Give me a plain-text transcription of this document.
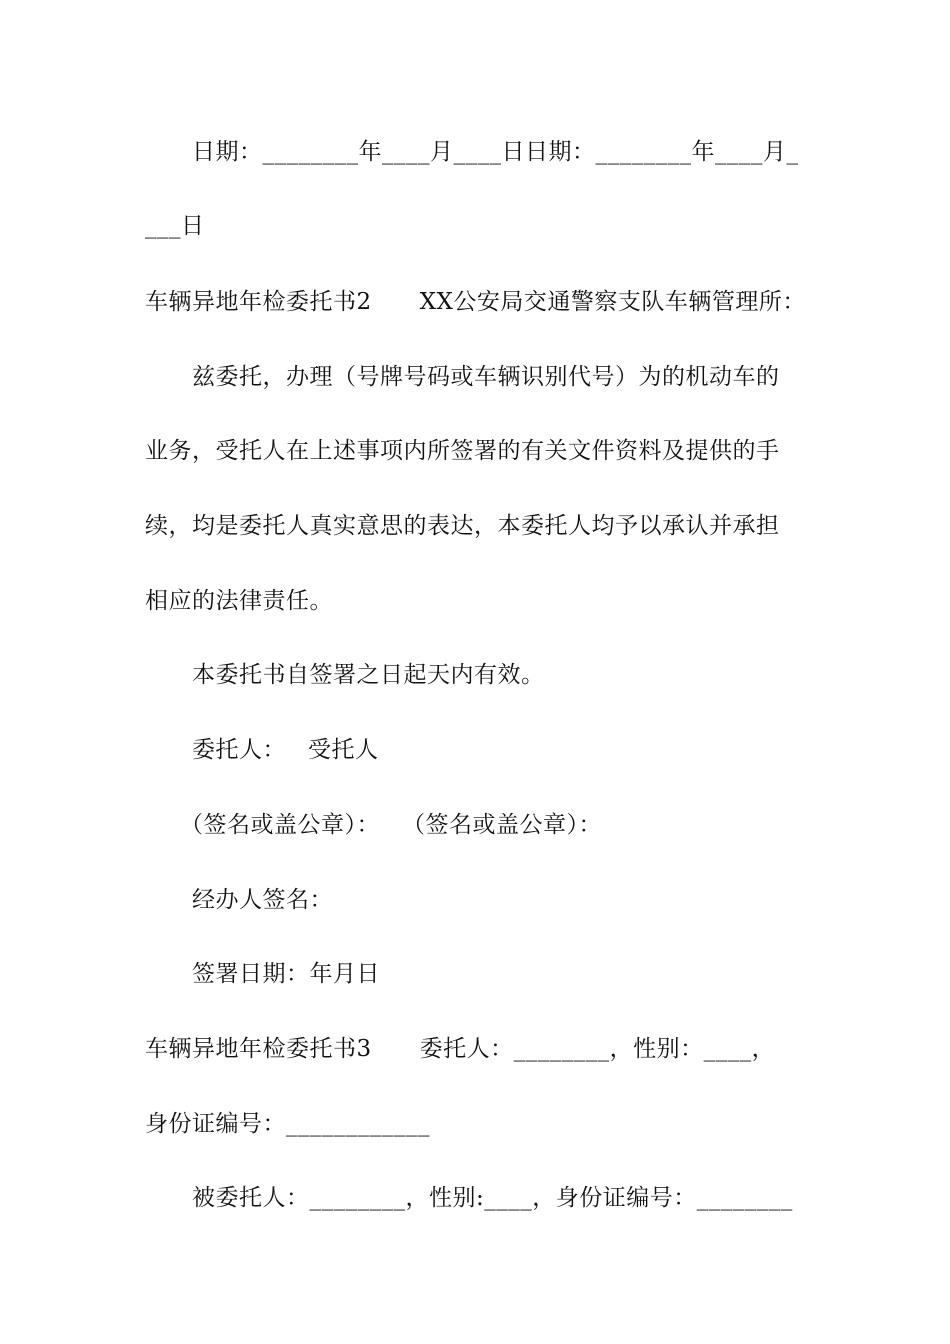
日期：________年____月____日日期：________年____月_
___日
车辆异地年检委托书2 XX公安局交通警察支队车辆管理所：
兹委托，办理（号牌号码或车辆识别代号）为的机动车的
业务，受托人在上述事项内所签署的有关文件资料及提供的手
续，均是委托人真实意思的表达，本委托人均予以承认并承担
相应的法律责任。
本委托书自签署之日起天内有效。
委托人： 受托人
（签名或盖公章）： （签名或盖公章）：
经办人签名：
签署日期：年月日
车辆异地年检委托书3 委托人：________，性别：____，
身份证编号：____________
被委托人：________，性别:____，身份证编号：________
